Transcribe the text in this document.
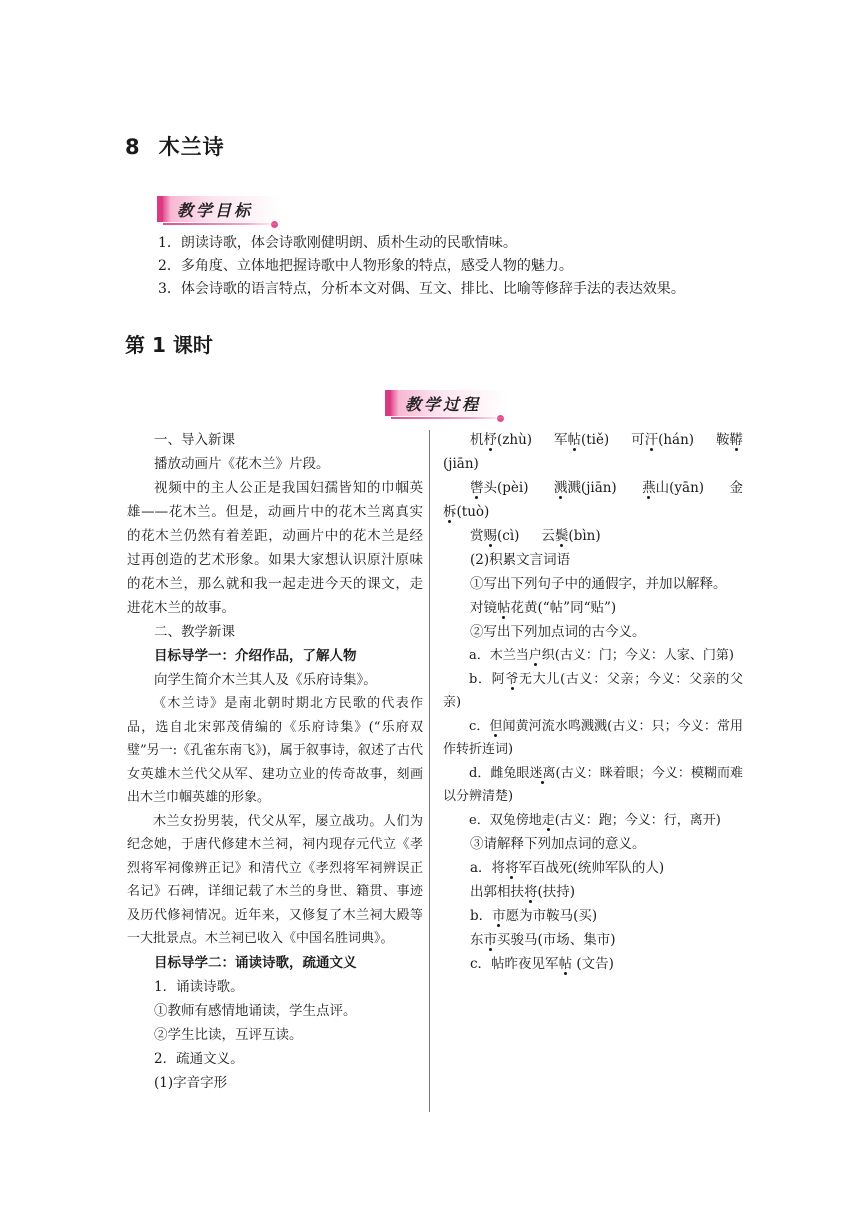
8 木兰诗
教学目标
1．朗读诗歌，体会诗歌刚健明朗、质朴生动的民歌情味。
2．多角度、立体地把握诗歌中人物形象的特点，感受人物的魅力。
3．体会诗歌的语言特点，分析本文对偶、互文、排比、比喻等修辞手法的表达效果。
第 1 课时
教学过程

一、导入新课

播放动画片《花木兰》片段。

视频中的主人公正是我国妇孺皆知的巾帼英雄——花木兰。但是，动画片中的花木兰离真实的花木兰仍然有着差距，动画片中的花木兰是经过再创造的艺术形象。如果大家想认识原汁原味的花木兰，那么就和我一起走进今天的课文，走进花木兰的故事。

二、教学新课

目标导学一：介绍作品，了解人物

向学生简介木兰其人及《乐府诗集》。

《木兰诗》是南北朝时期北方民歌的代表作品，选自北宋郭茂倩编的《乐府诗集》(“乐府双璧”另一:《孔雀东南飞》)，属于叙事诗，叙述了古代女英雄木兰代父从军、建功立业的传奇故事，刻画出木兰巾帼英雄的形象。

木兰女扮男装，代父从军，屡立战功。人们为纪念她，于唐代修建木兰祠，祠内现存元代立《孝烈将军祠像辨正记》和清代立《孝烈将军祠辨误正名记》石碑，详细记载了木兰的身世、籍贯、事迹及历代修祠情况。近年来，又修复了木兰祠大殿等一大批景点。木兰祠已收入《中国名胜词典》。

目标导学二：诵读诗歌，疏通文义

1．诵读诗歌。

①教师有感情地诵读，学生点评。

②学生比读，互评互读。

2．疏通文义。

(1)字音字形

机杼(zhù) 军帖(tiě) 可汗(hán) 鞍鞯

(jiān)

辔头(pèi) 溅溅(jiān) 燕山(yān) 金

柝(tuò)

赏赐(cì) 云鬓(bìn)

(2)积累文言词语

①写出下列句子中的通假字，并加以解释。

对镜帖花黄(“帖”同“贴”)

②写出下列加点词的古今义。

a．木兰当户织(古义：门；今义：人家、门第)

b．阿爷无大儿(古义：父亲；今义：父亲的父亲)

c．但闻黄河流水鸣溅溅(古义：只；今义：常用作转折连词)

d．雌兔眼迷离(古义：眯着眼；今义：模糊而难以分辨清楚)

e．双兔傍地走(古义：跑；今义：行，离开)

③请解释下列加点词的意义。

a．将将军百战死(统帅军队的人)

出郭相扶将(扶持)

b．市愿为市鞍马(买)

东市买骏马(市场、集市)

c．帖昨夜见军帖 (文告)
